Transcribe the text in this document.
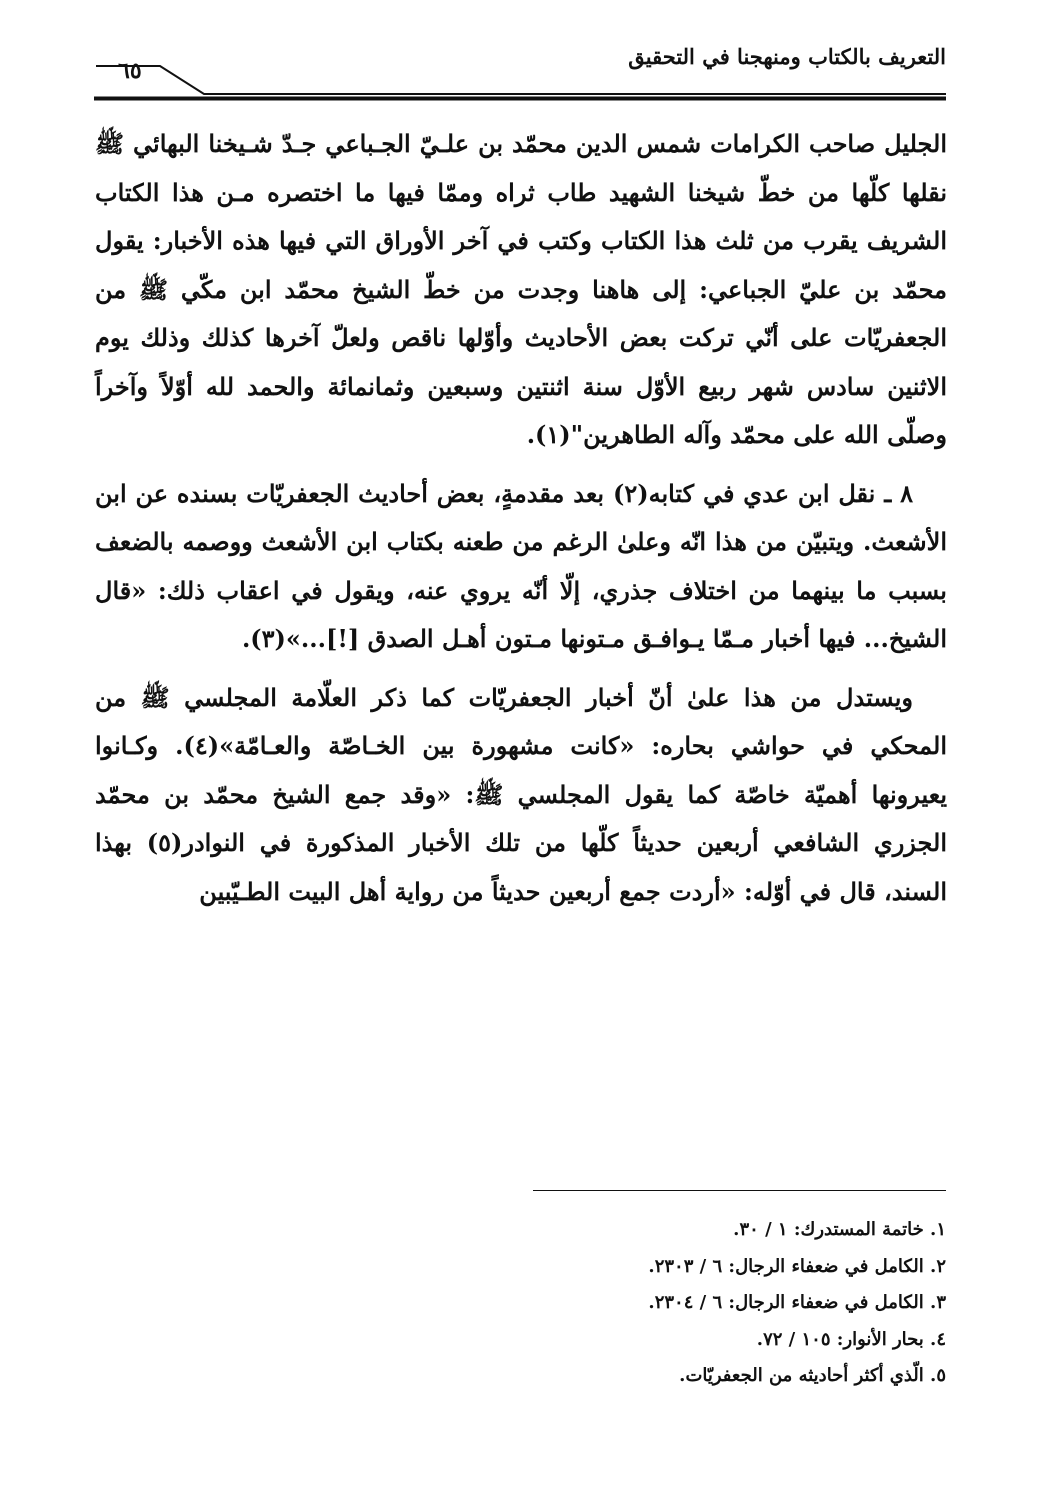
التعريف بالكتاب ومنهجنا في التحقيق
٦٥

الجليل صاحب الكرامات شمس الدين محمّد بن علـيّ الجـباعي جـدّ شـيخنا البهائي ﷺ نقلها كلّها من خطّ شيخنا الشهيد طاب ثراه وممّا فيها ما اختصره مـن هذا الكتاب الشريف يقرب من ثلث هذا الكتاب وكتب في آخر الأوراق التي فيها هذه الأخبار: يقول محمّد بن عليّ الجباعي: إلى هاهنا وجدت من خطّ الشيخ محمّد ابن مكّي ﷺ من الجعفريّات على أنّي تركت بعض الأحاديث وأوّلها ناقص ولعلّ آخرها كذلك وذلك يوم الاثنين سادس شهر ربيع الأوّل سنة اثنتين وسبعين وثمانمائة والحمد لله أوّلاً وآخراً وصلّى الله على محمّد وآله الطاهرين"(١).

٨ ـ نقل ابن عدي في كتابه(٢) بعد مقدمةٍ، بعض أحاديث الجعفريّات بسنده عن ابن الأشعث. ويتبيّن من هذا انّه وعلىٰ الرغم من طعنه بكتاب ابن الأشعث ووصمه بالضعف بسبب ما بينهما من اختلاف جذري، إلّا أنّه يروي عنه، ويقول في اعقاب ذلك: «قال الشيخ... فيها أخبار مـمّا يـوافـق مـتونها مـتون أهـل الصدق [!]...»(٣).

ويستدل من هذا علىٰ أنّ أخبار الجعفريّات كما ذكر العلّامة المجلسي ﷺ من المحكي في حواشي بحاره: «كانت مشهورة بين الخـاصّة والعـامّة»(٤). وكـانوا يعيرونها أهميّة خاصّة كما يقول المجلسي ﷺ: «وقد جمع الشيخ محمّد بن محمّد الجزري الشافعي أربعين حديثاً كلّها من تلك الأخبار المذكورة في النوادر(٥) بهذا السند، قال في أوّله: «أردت جمع أربعين حديثاً من رواية أهل البيت الطـيّبين

١. خاتمة المستدرك: ١ / ٣٠.

٢. الكامل في ضعفاء الرجال: ٦ / ٢٣٠٣.

٣. الكامل في ضعفاء الرجال: ٦ / ٢٣٠٤.

٤. بحار الأنوار: ١٠٥ / ٧٢.

٥. الّذي أكثر أحاديثه من الجعفريّات.
